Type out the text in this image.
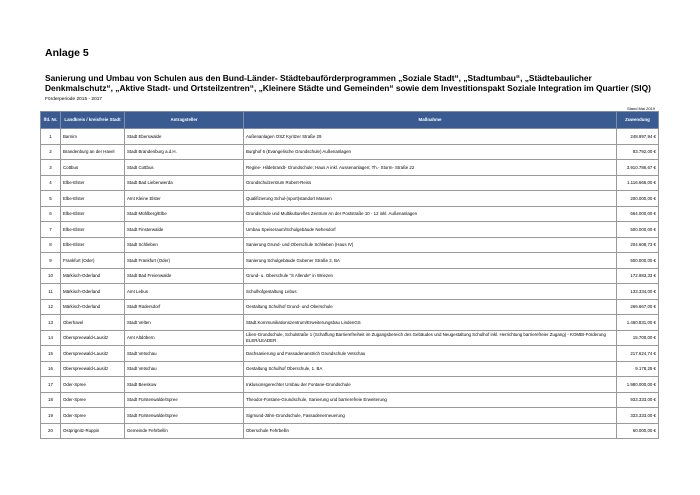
Anlage 5
Sanierung und Umbau von Schulen aus den Bund-Länder- Städtebauförderprogrammen „Soziale Stadt“, „Stadtumbau“, „Städtebaulicher Denkmalschutz“, „Aktive Stadt- und Ortsteilzentren“, „Kleinere Städte und Gemeinden“ sowie dem Investitionspakt Soziale Integration im Quartier (SIQ)
Förderperiode 2015 - 2017
Stand Mai 2019
lfd. Nr.	Landkreis / kreisfreie Stadt	Antragsteller	Maßnahme	Zuwendung
1	Barnim	Stadt Eberswalde	Außenanlagen OSZ Kyritzer Straße 29	248.997,94 €
2	Brandenburg an der Havel	Stadt Brandenburg a.d.H.	Burghof 6 (Evangelische Grundschule) Außenanlagen	83.792,00 €
3	Cottbus	Stadt Cottbus	Regine- Hildebrandt- Grundschule; Haus A inkl. Aussenanlagen; Th.- Storm- Straße 22	3.910.786,67 €
4	Elbe-Elster	Stadt Bad Liebenwerda	Grundschulzentrum Robert-Reiss	1.116.666,00 €
5	Elbe-Elster	Amt Kleine Elster	Qualifizierung Schul-(sport)standort Massen	200.000,00 €
6	Elbe-Elster	Stadt Mühlberg/Elbe	Grundschule und Multikulturelles Zentrum An der Poststraße 10 - 12 inkl. Außenanlagen	664.000,00 €
7	Elbe-Elster	Stadt Finsterwalde	Umbau Speiseraum/Schulgebäude Nehesdorf	500.000,00 €
8	Elbe-Elster	Stadt Schlieben	Sanierung Grund- und Oberschule Schlieben (Haus IV)	204.608,73 €
9	Frankfurt (Oder)	Stadt Frankfurt (Oder)	Sanierung Schulgebäude Gubener Straße 2, BA	500.000,00 €
10	Märkisch-Oderland	Stadt Bad Freienwalde	Grund- u. Oberschule "S Allende" in Wriezen	172.983,33 €
11	Märkisch-Oderland	Amt Lebus	Schulhofgestaltung Lebus	133.334,00 €
12	Märkisch-Oderland	Stadt Rüdersdorf	Gestaltung Schulhof Grund- und Oberschule	266.667,00 €
13	Oberhavel	Stadt Velten	Städt.Kommunikationszentrum/Erweiterungsbau LindenGS	1.460.831,00 €
14	Oberspreewald-Lausitz	Amt Altdöbern	Lilien-Grundschule, Schulstraße 1 (Schaffung Barrierefreiheit im Zugangsbereich des Gebäudes und Neugestaltung Schulhof inkl. Herrichtung barrierefreier Zugang) - KOMBI-Förderung ELER/LEADER	15.700,00 €
15	Oberspreewald-Lausitz	Stadt Vetschau	Dachsanierung und Fassadenanstrich Grundschule Vetschau	217.624,74 €
16	Oberspreewald-Lausitz	Stadt Vetschau	Gestaltung Schulhof Oberschule, 1. BA	9.178,25 €
17	Oder-Spree	Stadt Beeskow	Inklusionsgerechter Umbau der Fontane-Grundschule	1.980.000,00 €
18	Oder-Spree	Stadt Fürstenwalde/Spree	Theodor-Fontane-Grundschule, Sanierung und barrierefreie Erweiterung	933.333,00 €
19	Oder-Spree	Stadt Fürstenwalde/Spree	Sigmund-Jähn-Grundschule, Fassadenerneuerung	333.333,00 €
20	Ostprignitz-Ruppin	Gemeinde Fehrbellin	Oberschule Fehrbellin	60.000,00 €
